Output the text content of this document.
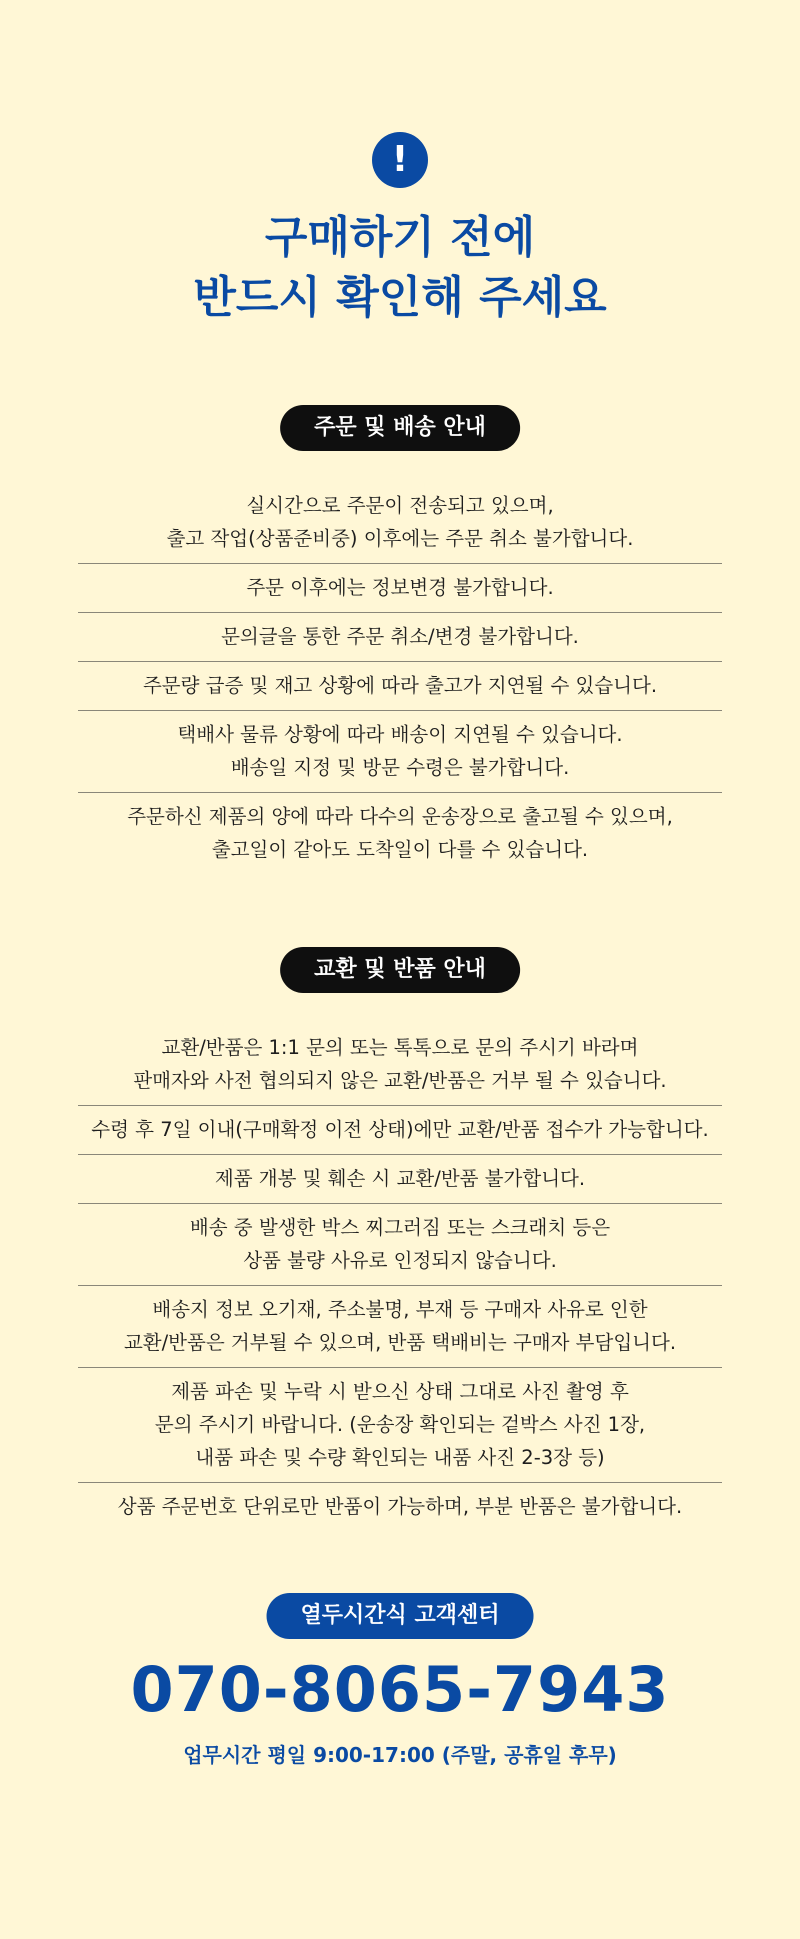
!
구매하기 전에
반드시 확인해 주세요
주문 및 배송 안내
실시간으로 주문이 전송되고 있으며,
출고 작업(상품준비중) 이후에는 주문 취소 불가합니다.
주문 이후에는 정보변경 불가합니다.
문의글을 통한 주문 취소/변경 불가합니다.
주문량 급증 및 재고 상황에 따라 출고가 지연될 수 있습니다.
택배사 물류 상황에 따라 배송이 지연될 수 있습니다.
배송일 지정 및 방문 수령은 불가합니다.
주문하신 제품의 양에 따라 다수의 운송장으로 출고될 수 있으며,
출고일이 같아도 도착일이 다를 수 있습니다.
교환 및 반품 안내
교환/반품은 1:1 문의 또는 톡톡으로 문의 주시기 바라며
판매자와 사전 협의되지 않은 교환/반품은 거부 될 수 있습니다.
수령 후 7일 이내(구매확정 이전 상태)에만 교환/반품 접수가 가능합니다.
제품 개봉 및 훼손 시 교환/반품 불가합니다.
배송 중 발생한 박스 찌그러짐 또는 스크래치 등은
상품 불량 사유로 인정되지 않습니다.
배송지 정보 오기재, 주소불명, 부재 등 구매자 사유로 인한
교환/반품은 거부될 수 있으며, 반품 택배비는 구매자 부담입니다.
제품 파손 및 누락 시 받으신 상태 그대로 사진 촬영 후
문의 주시기 바랍니다. (운송장 확인되는 겉박스 사진 1장,
내품 파손 및 수량 확인되는 내품 사진 2-3장 등)
상품 주문번호 단위로만 반품이 가능하며, 부분 반품은 불가합니다.
열두시간식 고객센터
070-8065-7943
업무시간 평일 9:00-17:00 (주말, 공휴일 후무)
